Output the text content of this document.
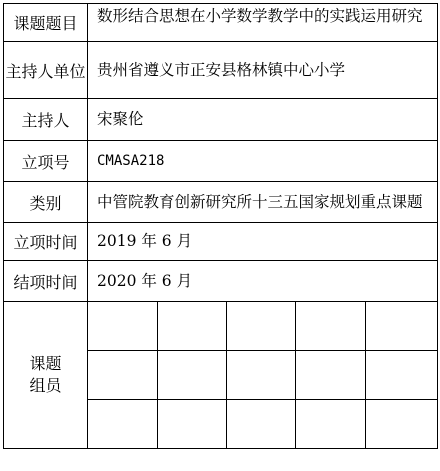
课题题目	数形结合思想在小学数学教学中的实践运用研究				
主持人单位	贵州省遵义市正安县格林镇中心小学				
主持人	宋聚伦				
立项号	CMASA218				
类别	中管院教育创新研究所十三五国家规划重点课题				
立项时间	2019 年 6 月				
结项时间	2020 年 6 月				
课题
组员					
